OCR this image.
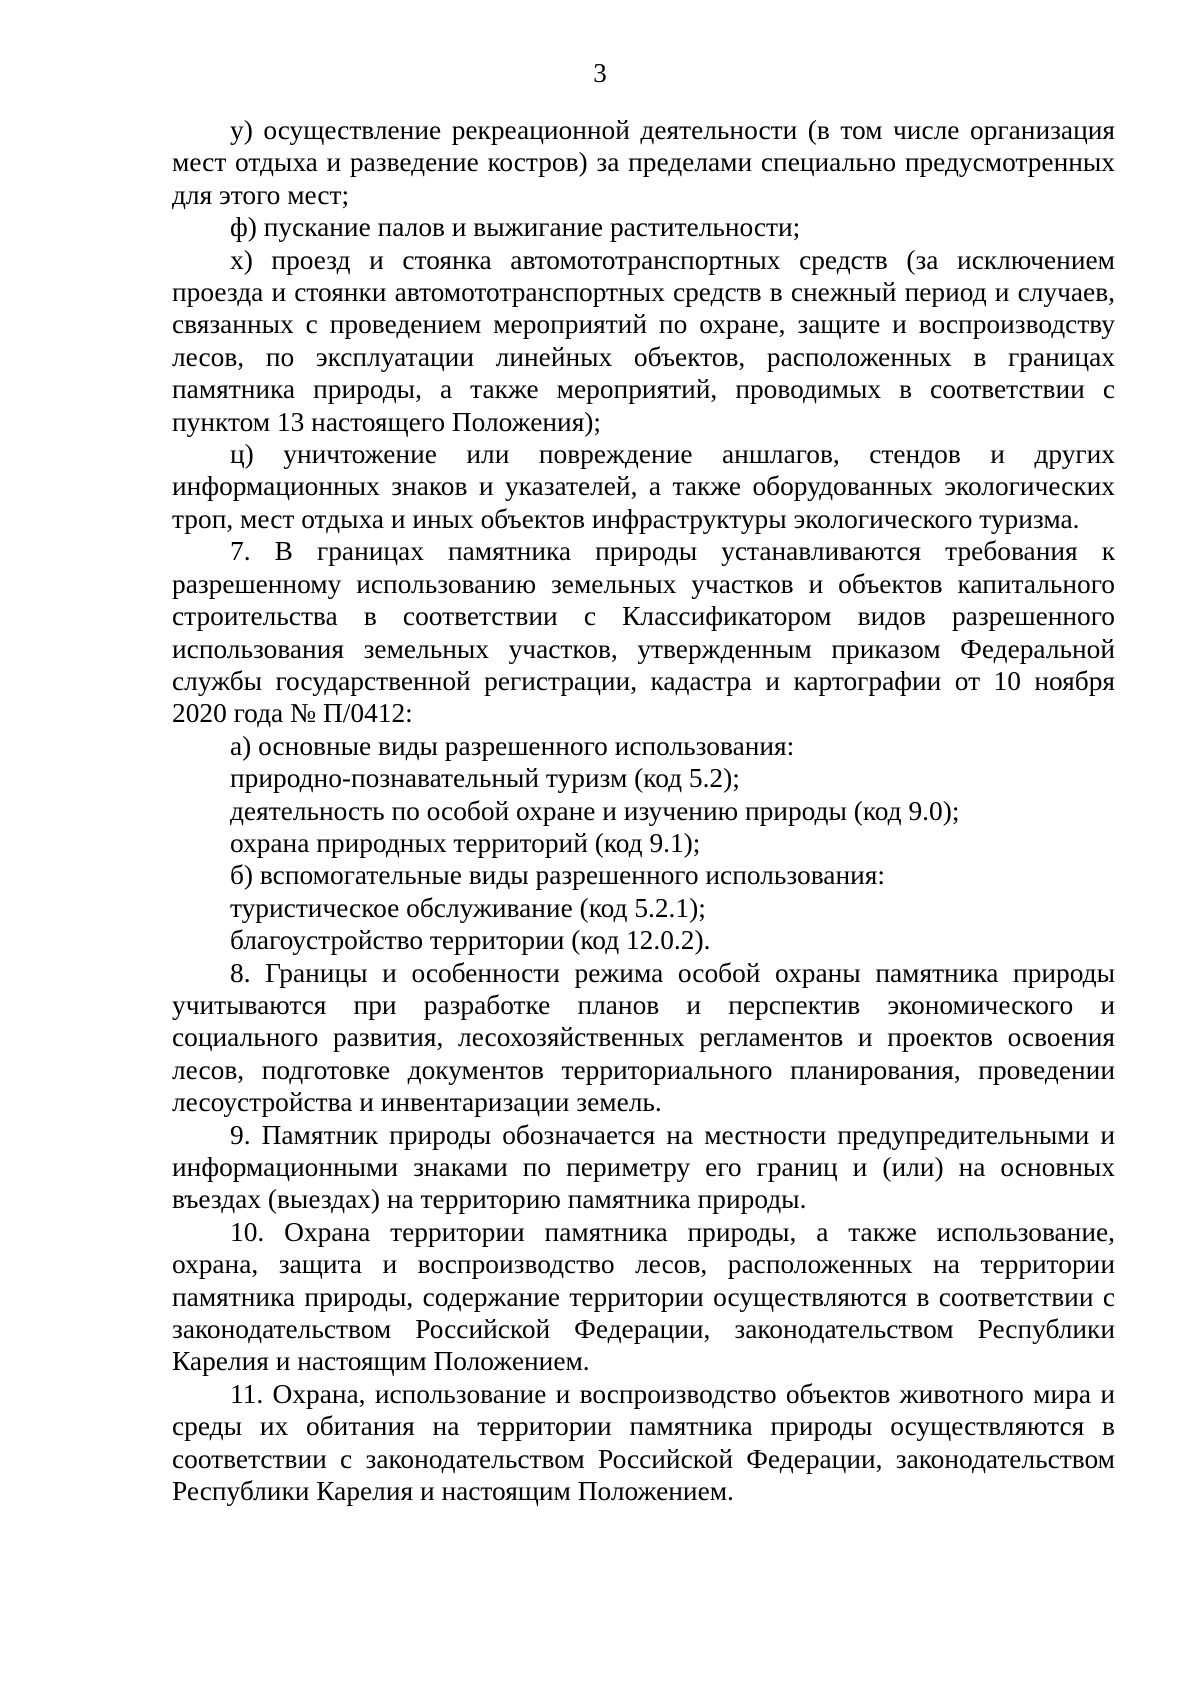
3

у) осуществление рекреационной деятельности (в том числе организация мест отдыха и разведение костров) за пределами специально предусмотренных для этого мест;

ф) пускание палов и выжигание растительности;

х) проезд и стоянка автомототранспортных средств (за исключением проезда и стоянки автомототранспортных средств в снежный период и случаев, связанных с проведением мероприятий по охране, защите и воспроизводству лесов, по эксплуатации линейных объектов, расположенных в границах памятника природы, а также мероприятий, проводимых в соответствии с пунктом 13 настоящего Положения);

ц) уничтожение или повреждение аншлагов, стендов и других информационных знаков и указателей, а также оборудованных экологических троп, мест отдыха и иных объектов инфраструктуры экологического туризма.

7. В границах памятника природы устанавливаются требования к разрешенному использованию земельных участков и объектов капитального строительства в соответствии с Классификатором видов разрешенного использования земельных участков, утвержденным приказом Федеральной службы государственной регистрации, кадастра и картографии от 10 ноября 2020 года № П/0412:

а) основные виды разрешенного использования:

природно-познавательный туризм (код 5.2);

деятельность по особой охране и изучению природы (код 9.0);

охрана природных территорий (код 9.1);

б) вспомогательные виды разрешенного использования:

туристическое обслуживание (код 5.2.1);

благоустройство территории (код 12.0.2).

8. Границы и особенности режима особой охраны памятника природы учитываются при разработке планов и перспектив экономического и социального развития, лесохозяйственных регламентов и проектов освоения лесов, подготовке документов территориального планирования, проведении лесоустройства и инвентаризации земель.

9. Памятник природы обозначается на местности предупредительными и информационными знаками по периметру его границ и (или) на основных въездах (выездах) на территорию памятника природы.

10. Охрана территории памятника природы, а также использование, охрана, защита и воспроизводство лесов, расположенных на территории памятника природы, содержание территории осуществляются в соответствии с законодательством Российской Федерации, законодательством Республики Карелия и настоящим Положением.

11. Охрана, использование и воспроизводство объектов животного мира и среды их обитания на территории памятника природы осуществляются в соответствии с законодательством Российской Федерации, законодательством Республики Карелия и настоящим Положением.
